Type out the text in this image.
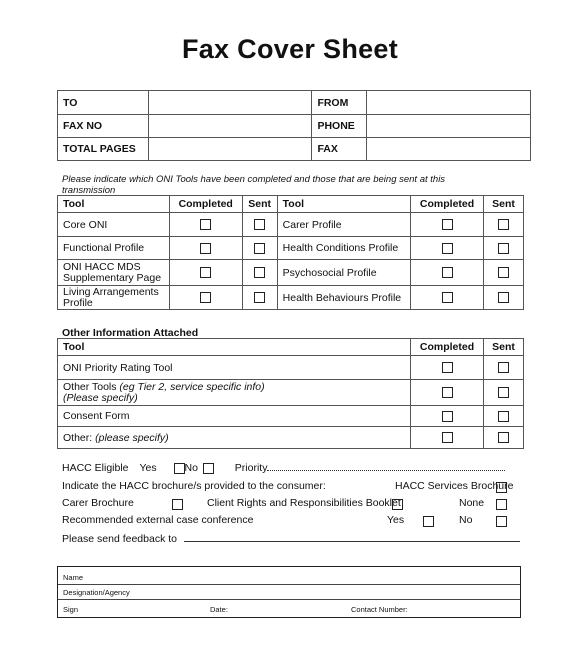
Fax Cover Sheet
TO		FROM	
FAX NO		PHONE	
TOTAL PAGES		FAX	
Please indicate which ONI Tools have been completed and those that are being sent at this transmission
Tool	Completed	Sent	Tool	Completed	Sent
Core ONI			Carer Profile		
Functional Profile			Health Conditions Profile		
ONI HACC MDS Supplementary Page			Psychosocial Profile		
Living Arrangements Profile			Health Behaviours Profile		
Other Information Attached
Tool	Completed	Sent
ONI Priority Rating Tool		
Other Tools (eg Tier 2, service specific info)
(Please specify)		
Consent Form		
Other: (please specify)		
HACC Eligible Yes	No	Priority
Indicate the HACC brochure/s provided to the consumer:	HACC Services Brochure
Carer Brochure	Client Rights and Responsibilities Booklet	None
Recommended external case conference	Yes	No
Please send feedback to
Name
Designation/Agency
Sign	Date:	Contact Number:
